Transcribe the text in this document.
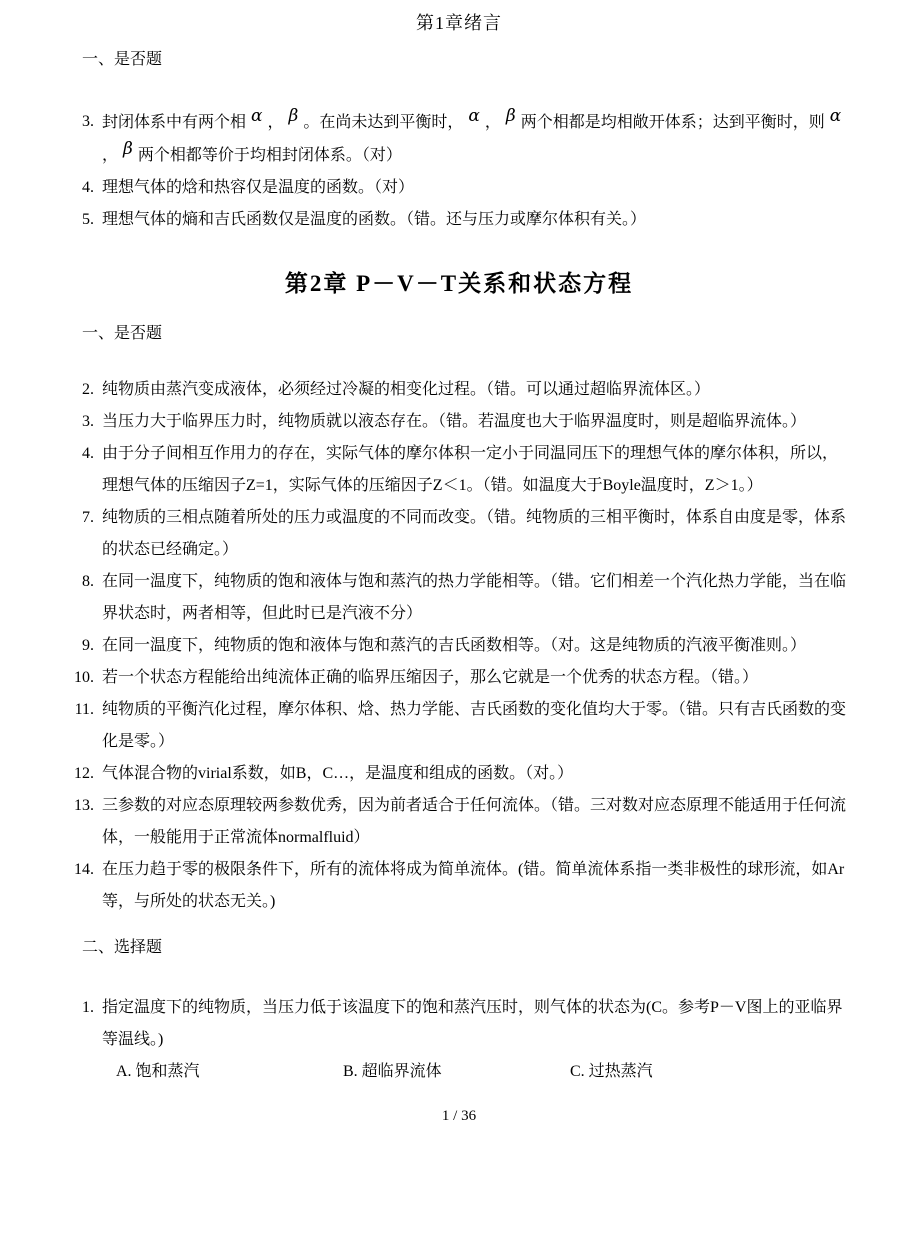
第1章绪言
一、是否题
3. 封闭体系中有两个相 α ， β 。在尚未达到平衡时， α ， β 两个相都是均相敞开体系；达到平衡时，则 α， β 两个相都等价于均相封闭体系。（对）
4. 理想气体的焓和热容仅是温度的函数。（对）
5. 理想气体的熵和吉氏函数仅是温度的函数。（错。还与压力或摩尔体积有关。）
第2章 P－V－T关系和状态方程
一、是否题
2. 纯物质由蒸汽变成液体，必须经过冷凝的相变化过程。（错。可以通过超临界流体区。）
3. 当压力大于临界压力时，纯物质就以液态存在。（错。若温度也大于临界温度时，则是超临界流体。）
4. 由于分子间相互作用力的存在，实际气体的摩尔体积一定小于同温同压下的理想气体的摩尔体积，所以，理想气体的压缩因子Z=1，实际气体的压缩因子Z＜1。（错。如温度大于Boyle温度时，Z＞1。）
7. 纯物质的三相点随着所处的压力或温度的不同而改变。（错。纯物质的三相平衡时，体系自由度是零，体系的状态已经确定。）
8. 在同一温度下，纯物质的饱和液体与饱和蒸汽的热力学能相等。（错。它们相差一个汽化热力学能，当在临界状态时，两者相等，但此时已是汽液不分）
9. 在同一温度下，纯物质的饱和液体与饱和蒸汽的吉氏函数相等。（对。这是纯物质的汽液平衡准则。）
10. 若一个状态方程能给出纯流体正确的临界压缩因子，那么它就是一个优秀的状态方程。（错。）
11. 纯物质的平衡汽化过程，摩尔体积、焓、热力学能、吉氏函数的变化值均大于零。（错。只有吉氏函数的变化是零。）
12. 气体混合物的virial系数，如B，C…，是温度和组成的函数。（对。）
13. 三参数的对应态原理较两参数优秀，因为前者适合于任何流体。（错。三对数对应态原理不能适用于任何流体，一般能用于正常流体normalfluid）
14. 在压力趋于零的极限条件下，所有的流体将成为简单流体。(错。简单流体系指一类非极性的球形流，如Ar等，与所处的状态无关。)
二、选择题
1. 指定温度下的纯物质，当压力低于该温度下的饱和蒸汽压时，则气体的状态为(C。参考P－V图上的亚临界等温线。)
A. 饱和蒸汽	B. 超临界流体	C. 过热蒸汽
1 / 36
